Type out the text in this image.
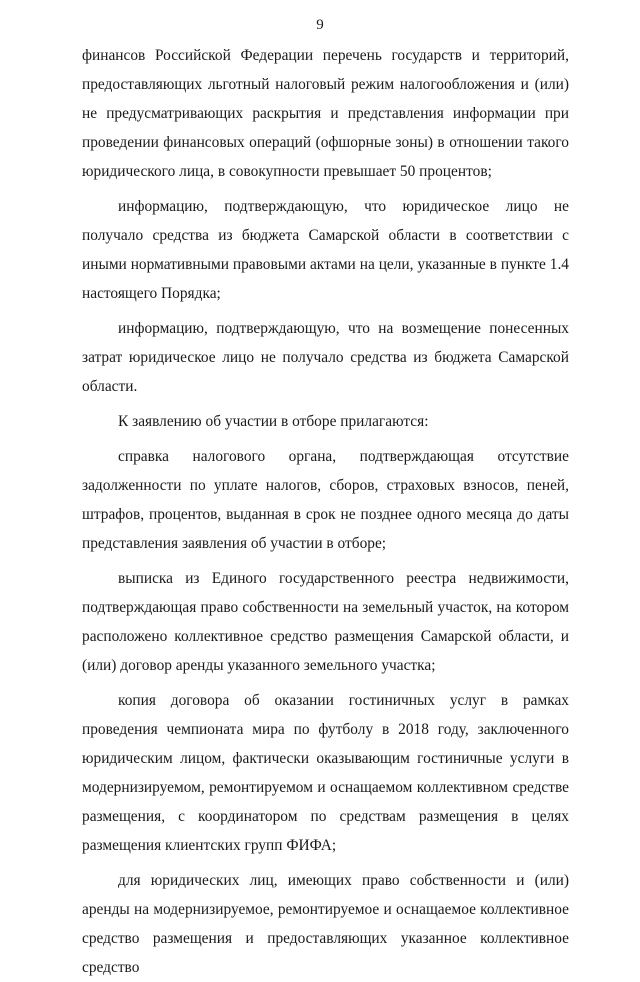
9

финансов Российской Федерации перечень государств и территорий, предоставляющих льготный налоговый режим налогообложения и (или) не предусматривающих раскрытия и представления информации при проведении финансовых операций (офшорные зоны) в отношении такого юридического лица, в совокупности превышает 50 процентов;

информацию, подтверждающую, что юридическое лицо не получало средства из бюджета Самарской области в соответствии с иными нормативными правовыми актами на цели, указанные в пункте 1.4 настоящего Порядка;

информацию, подтверждающую, что на возмещение понесенных затрат юридическое лицо не получало средства из бюджета Самарской области.

К заявлению об участии в отборе прилагаются:

справка налогового органа, подтверждающая отсутствие задолженности по уплате налогов, сборов, страховых взносов, пеней, штрафов, процентов, выданная в срок не позднее одного месяца до даты представления заявления об участии в отборе;

выписка из Единого государственного реестра недвижимости, подтверждающая право собственности на земельный участок, на котором расположено коллективное средство размещения Самарской области, и (или) договор аренды указанного земельного участка;

копия договора об оказании гостиничных услуг в рамках проведения чемпионата мира по футболу в 2018 году, заключенного юридическим лицом, фактически оказывающим гостиничные услуги в модернизируемом, ремонтируемом и оснащаемом коллективном средстве размещения, с координатором по средствам размещения в целях размещения клиентских групп ФИФА;

для юридических лиц, имеющих право собственности и (или) аренды на модернизируемое, ремонтируемое и оснащаемое коллективное средство размещения и предоставляющих указанное коллективное средство
